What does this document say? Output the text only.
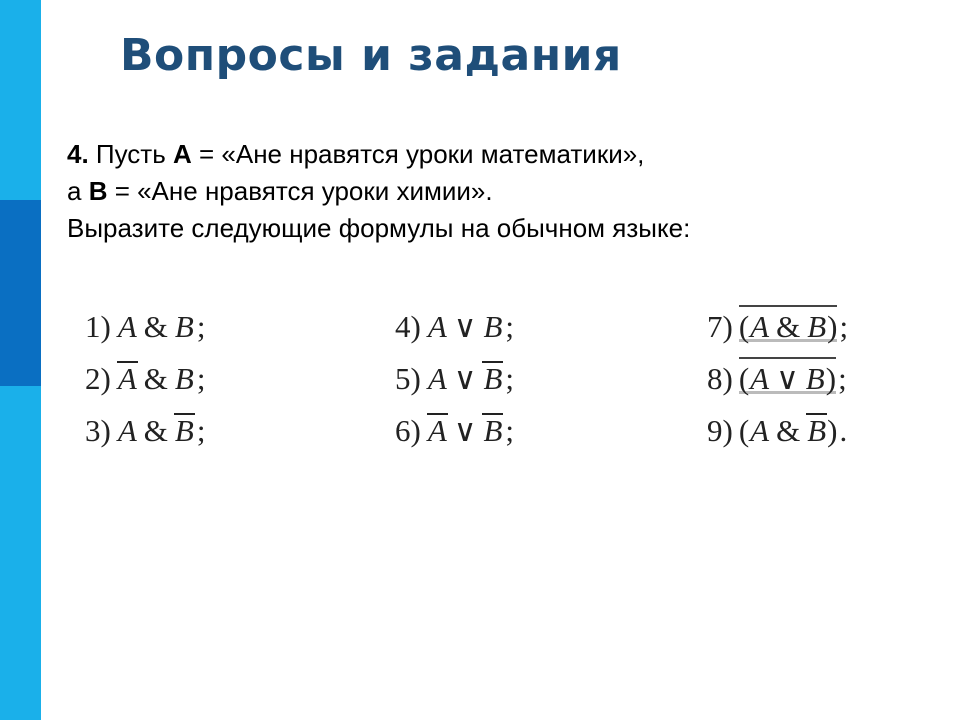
Вопросы и задания
4. Пусть A = «Ане нравятся уроки математики»,
а B = «Ане нравятся уроки химии».
Выразите следующие формулы на обычном языке:
1) A & B ;
2) A & B ;
3) A & B ;
4) A ∨ B ;
5) A ∨ B ;
6) A ∨ B ;
7) ( A & B ) ;
8) ( A ∨ B ) ;
9) ( A & B ) .
